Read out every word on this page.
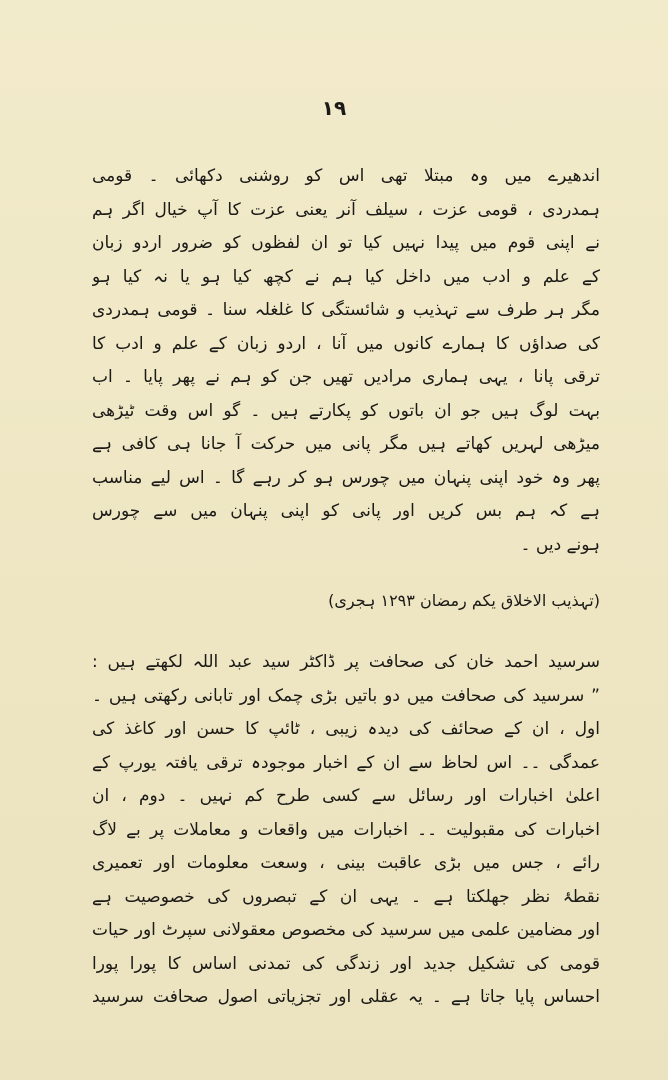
۱۹
اندھیرے میں وہ مبتلا تھی اس کو روشنی دکھائی ۔ قومی
ہمدردی ، قومی عزت ، سیلف آنر یعنی عزت کا آپ خیال اگر ہم
نے اپنی قوم میں پیدا نہیں کیا تو ان لفظوں کو ضرور اردو زبان
کے علم و ادب میں داخل کیا ہم نے کچھ کیا ہو یا نہ کیا ہو
مگر ہر طرف سے تہذیب و شائستگی کا غلغلہ سنا ۔ قومی ہمدردی
کی صداؤں کا ہمارے کانوں میں آنا ، اردو زبان کے علم و ادب کا
ترقی پانا ، یہی ہماری مرادیں تھیں جن کو ہم نے پھر پایا ۔ اب
بہت لوگ ہیں جو ان باتوں کو پکارتے ہیں ۔ گو اس وقت ٹیڑھی
میڑھی لہریں کھاتے ہیں مگر پانی میں حرکت آ جانا ہی کافی ہے
پھر وہ خود اپنی پنہان میں چورس ہو کر رہے گا ۔ اس لیے مناسب
ہے کہ ہم بس کریں اور پانی کو اپنی پنہان میں سے چورس
ہونے دیں ۔
(تہذیب الاخلاق یکم رمضان ۱۲۹۳ ہجری)
سرسید احمد خان کی صحافت پر ڈاکٹر سید عبد اللہ لکھتے ہیں :
” سرسید کی صحافت میں دو باتیں بڑی چمک اور تابانی رکھتی ہیں ۔
اول ، ان کے صحائف کی دیدہ زیبی ، ٹائپ کا حسن اور کاغذ کی
عمدگی ۔۔ اس لحاظ سے ان کے اخبار موجودہ ترقی یافتہ یورپ کے
اعلیٰ اخبارات اور رسائل سے کسی طرح کم نہیں ۔ دوم ، ان
اخبارات کی مقبولیت ۔۔ اخبارات میں واقعات و معاملات پر بے لاگ
رائے ، جس میں بڑی عاقبت بینی ، وسعت معلومات اور تعمیری
نقطۂ نظر جھلکتا ہے ۔ یہی ان کے تبصروں کی خصوصیت ہے
اور مضامین علمی میں سرسید کی مخصوص معقولانی سپرٹ اور حیات
قومی کی تشکیل جدید اور زندگی کی تمدنی اساس کا پورا پورا
احساس پایا جاتا ہے ۔ یہ عقلی اور تجزیاتی اصول صحافت سرسید
